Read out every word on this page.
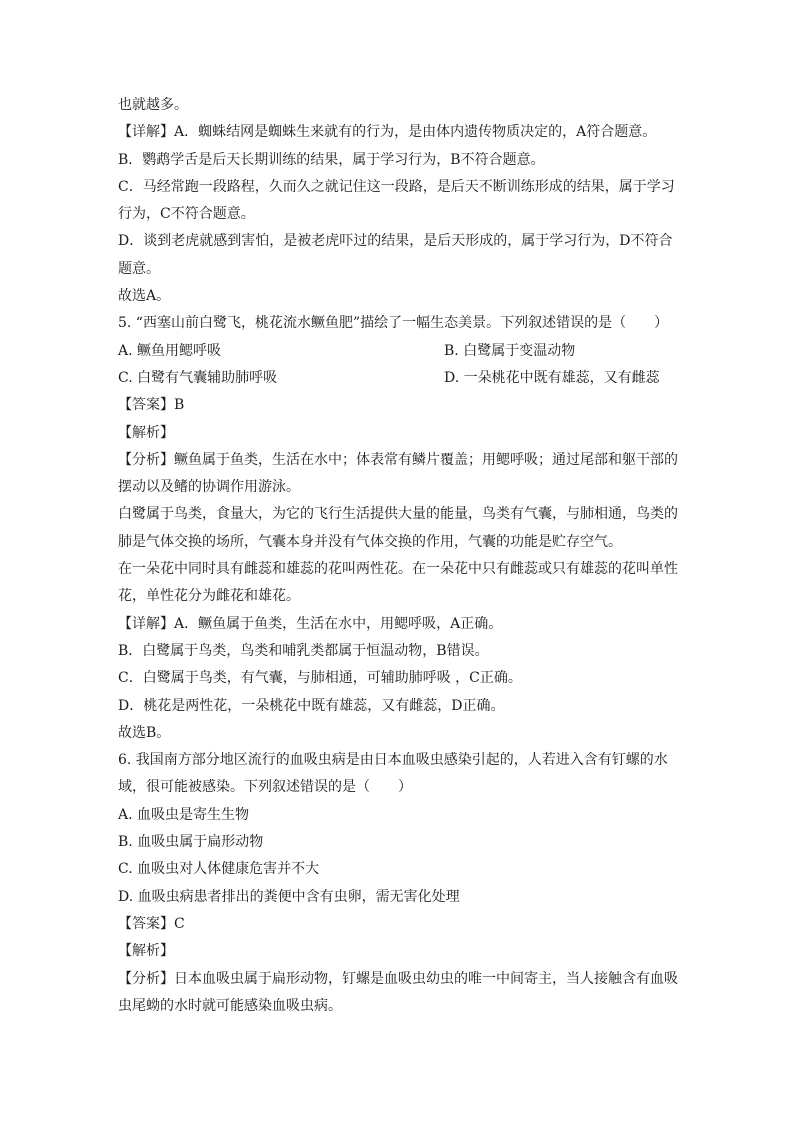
也就越多。
【详解】A．蜘蛛结网是蜘蛛生来就有的行为，是由体内遗传物质决定的，A符合题意。
B．鹦鹉学舌是后天长期训练的结果，属于学习行为，B不符合题意。
C．马经常跑一段路程，久而久之就记住这一段路，是后天不断训练形成的结果，属于学习
行为，C不符合题意。
D．谈到老虎就感到害怕，是被老虎吓过的结果，是后天形成的，属于学习行为，D不符合
题意。
故选A。
5. “西塞山前白鹭飞，桃花流水鳜鱼肥”描绘了一幅生态美景。下列叙述错误的是（　　）
A. 鳜鱼用鳃呼吸	B. 白鹭属于变温动物
C. 白鹭有气囊辅助肺呼吸	D. 一朵桃花中既有雄蕊，又有雌蕊
【答案】B
【解析】
【分析】鳜鱼属于鱼类，生活在水中；体表常有鳞片覆盖；用鳃呼吸；通过尾部和躯干部的
摆动以及鳍的协调作用游泳。
白鹭属于鸟类，食量大，为它的飞行生活提供大量的能量，鸟类有气囊，与肺相通，鸟类的
肺是气体交换的场所，气囊本身并没有气体交换的作用，气囊的功能是贮存空气。
在一朵花中同时具有雌蕊和雄蕊的花叫两性花。在一朵花中只有雌蕊或只有雄蕊的花叫单性
花，单性花分为雌花和雄花。
【详解】A．鳜鱼属于鱼类，生活在水中，用鳃呼吸，A正确。
B．白鹭属于鸟类，鸟类和哺乳类都属于恒温动物，B错误。
C．白鹭属于鸟类，有气囊，与肺相通，可辅助肺呼吸 ，C正确。
D．桃花是两性花，一朵桃花中既有雄蕊，又有雌蕊，D正确。
故选B。
6. 我国南方部分地区流行的血吸虫病是由日本血吸虫感染引起的，人若进入含有钉螺的水
域，很可能被感染。下列叙述错误的是（　　）
A. 血吸虫是寄生生物
B. 血吸虫属于扁形动物
C. 血吸虫对人体健康危害并不大
D. 血吸虫病患者排出的粪便中含有虫卵，需无害化处理
【答案】C
【解析】
【分析】日本血吸虫属于扁形动物，钉螺是血吸虫幼虫的唯一中间寄主，当人接触含有血吸
虫尾蚴的水时就可能感染血吸虫病。
